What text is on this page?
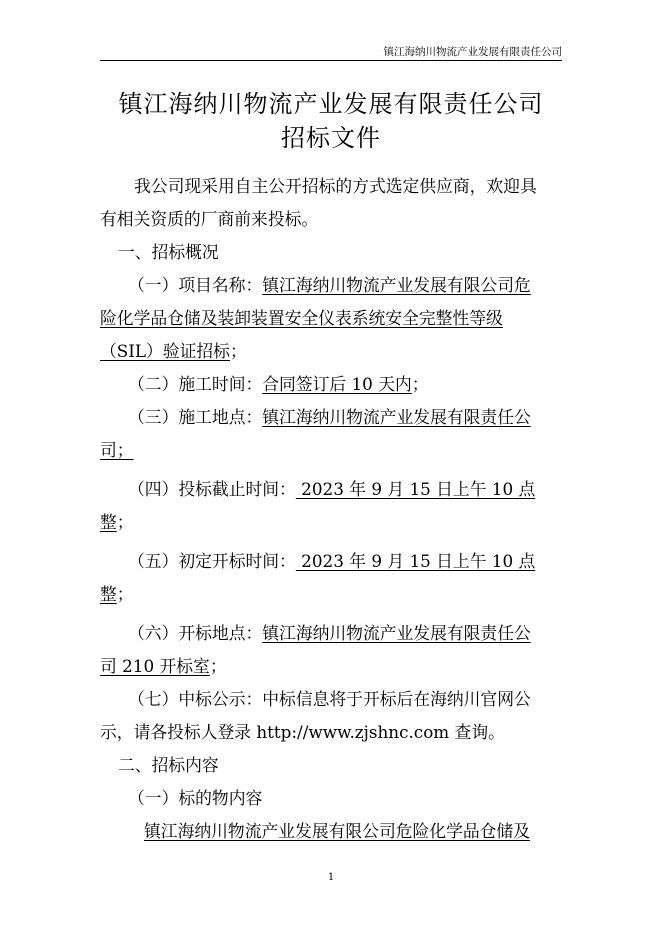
镇江海纳川物流产业发展有限责任公司
镇江海纳川物流产业发展有限责任公司
招标文件
我公司现采用自主公开招标的方式选定供应商，欢迎具
有相关资质的厂商前来投标。
一、招标概况
（一）项目名称：镇江海纳川物流产业发展有限公司危
险化学品仓储及装卸装置安全仪表系统安全完整性等级
（SIL）验证招标；
（二）施工时间：合同签订后 10 天内；
（三）施工地点：镇江海纳川物流产业发展有限责任公
司；
（四）投标截止时间： 2023 年 9 月 15 日上午 10 点
整；
（五）初定开标时间： 2023 年 9 月 15 日上午 10 点
整；
（六）开标地点：镇江海纳川物流产业发展有限责任公
司 210 开标室；
（七）中标公示：中标信息将于开标后在海纳川官网公
示，请各投标人登录 http://www.zjshnc.com 查询。
二、招标内容
（一）标的物内容
镇江海纳川物流产业发展有限公司危险化学品仓储及
1
